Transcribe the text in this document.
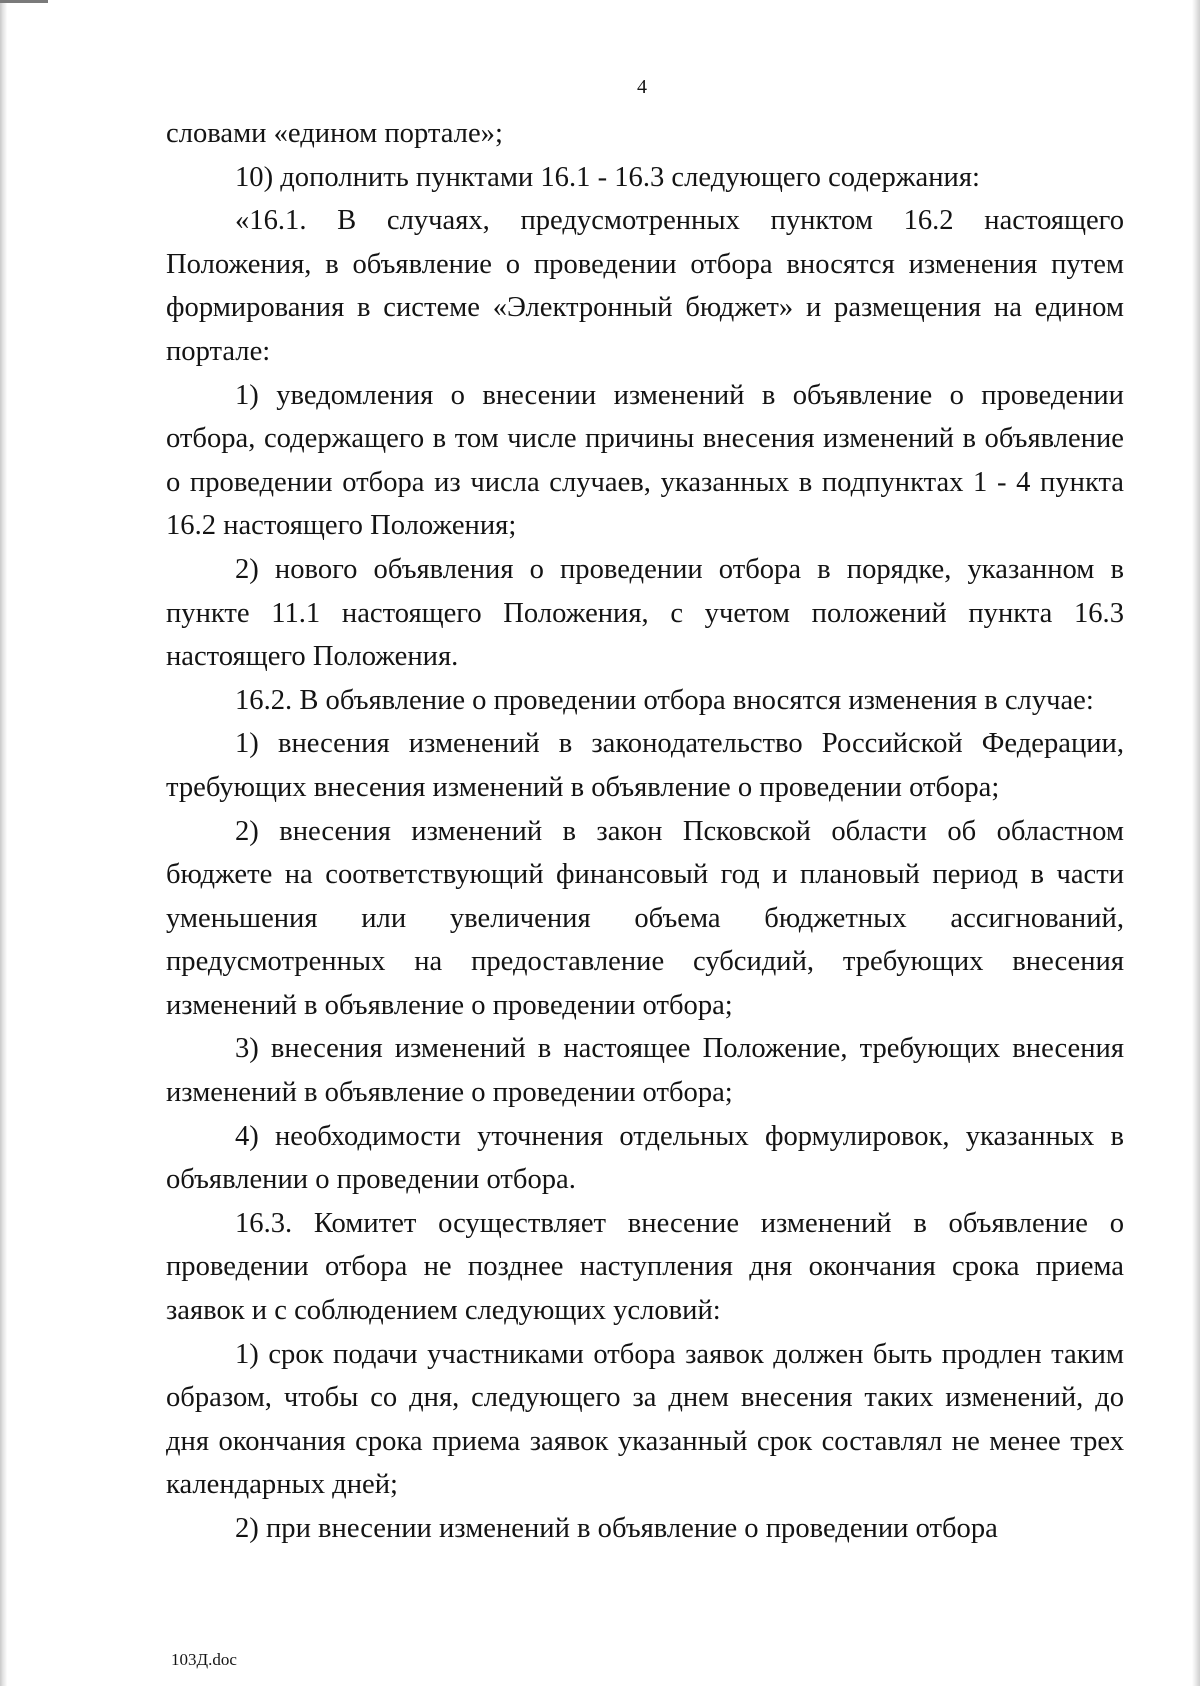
4

словами «едином портале»;

10) дополнить пунктами 16.1 - 16.3 следующего содержания:

«16.1. В случаях, предусмотренных пунктом 16.2 настоящего Положения, в объявление о проведении отбора вносятся изменения путем формирования в системе «Электронный бюджет» и размещения на едином портале:

1) уведомления о внесении изменений в объявление о проведении отбора, содержащего в том числе причины внесения изменений в объявление о проведении отбора из числа случаев, указанных в подпунктах 1 - 4 пункта 16.2 настоящего Положения;

2) нового объявления о проведении отбора в порядке, указанном в пункте 11.1 настоящего Положения, с учетом положений пункта 16.3 настоящего Положения.

16.2. В объявление о проведении отбора вносятся изменения в случае:

1) внесения изменений в законодательство Российской Федерации, требующих внесения изменений в объявление о проведении отбора;

2) внесения изменений в закон Псковской области об областном бюджете на соответствующий финансовый год и плановый период в части уменьшения или увеличения объема бюджетных ассигнований, предусмотренных на предоставление субсидий, требующих внесения изменений в объявление о проведении отбора;

3) внесения изменений в настоящее Положение, требующих внесения изменений в объявление о проведении отбора;

4) необходимости уточнения отдельных формулировок, указанных в объявлении о проведении отбора.

16.3. Комитет осуществляет внесение изменений в объявление о проведении отбора не позднее наступления дня окончания срока приема заявок и с соблюдением следующих условий:

1) срок подачи участниками отбора заявок должен быть продлен таким образом, чтобы со дня, следующего за днем внесения таких изменений, до дня окончания срока приема заявок указанный срок составлял не менее трех календарных дней;

2) при внесении изменений в объявление о проведении отбора

103Д.doc
